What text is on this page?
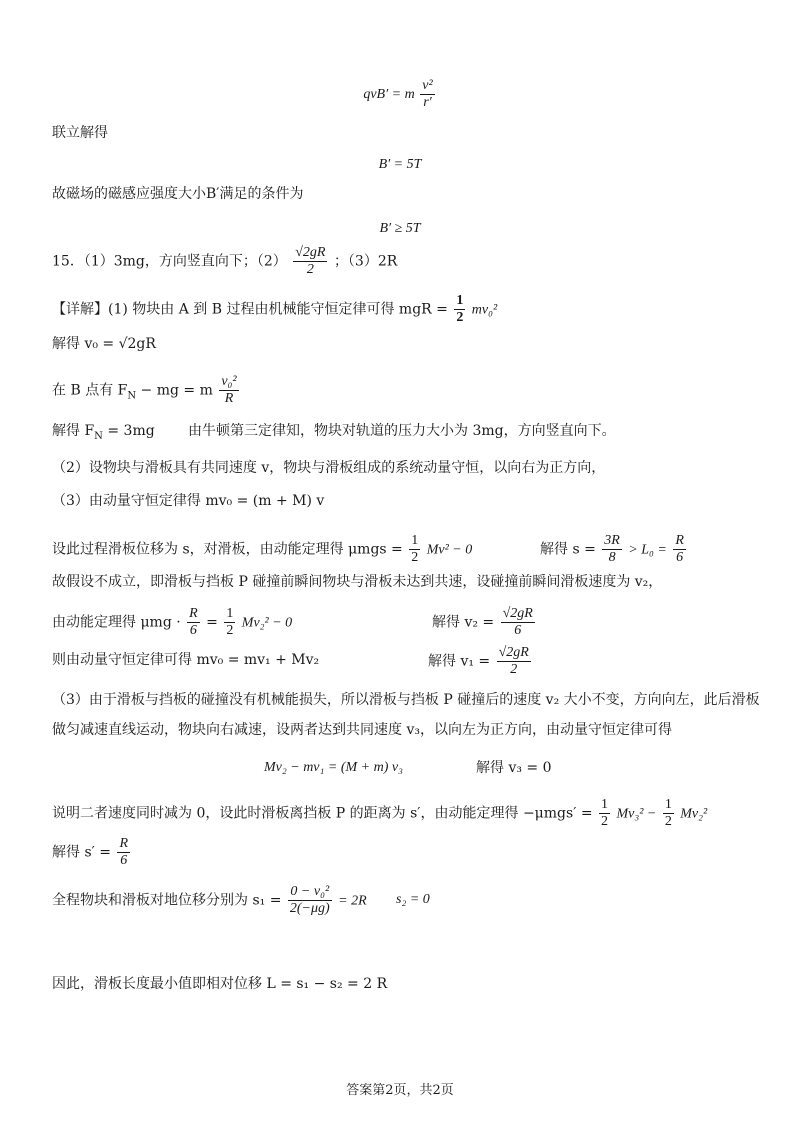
qvB′ = m $\frac{\text{v²}}{r'}$
联立解得
B′ = 5T
故磁场的磁感应强度大小B′满足的条件为
B′ ≥ 5T
15．（1）3mg，方向竖直向下；$(2) \frac{√2gR}{2}$ ；（3）2R
【详解】(1) 物块由 A 到 B 过程由机械能守恒定律可得 mgR = $\frac{1}{2} mv_0^2$
解得 v₀ = √2gR
在 B 点有 $F_N$ − mg = m $\frac{\text{v₀²}}{R}$
解得 $F_N = 3mg$ 由牛顿第三定律知，物块对轨道的压力大小为 3mg，方向竖直向下。
（2）设物块与滑板具有共同速度 v，物块与滑板组成的系统动量守恒，以向右为正方向，
（3）由动量守恒定律得 mv₀ = (m + M) v
设此过程滑板位移为 s，对滑板，由动能定理得 $\mu mgs = \frac{1}{2} Mv^2 - 0$	解得 $s = \frac{3R}{8} > L_0 = \frac{R}{6}$
故假设不成立，即滑板与挡板 P 碰撞前瞬间物块与滑板未达到共速，设碰撞前瞬间滑板速度为 v₂，
由动能定理得 $\mu mg \cdot \frac{R}{6} = \frac{1}{2} Mv_2^2 - 0$	解得 $v_2 = \frac{√2gR}{6}$
则由动量守恒定律可得 mv₀ = mv₁ + Mv₂	解得 $v_1 = \frac{√2gR}{2}$
（3）由于滑板与挡板的碰撞没有机械能损失，所以滑板与挡板 P 碰撞后的速度 v₂ 大小不变，方向向左，此后滑板
做匀减速直线运动，物块向右减速，设两者达到共同速度 v₃，以向左为正方向，由动量守恒定律可得
Mv₂ − mv₁ = (M + m) v₃	解得 v₃ = 0
说明二者速度同时减为 0，设此时滑板离挡板 P 的距离为 s′，由动能定理得 $-\mu mgs' = \frac{1}{2} Mv_3^2 - \frac{1}{2} Mv_2^2$
解得 $s' = \frac{R}{6}$
全程物块和滑板对地位移分别为 $s_1 = \frac{\text{0 − v₀²}}{2(-\mu g)} = 2R$ s₂ = 0
因此，滑板长度最小值即相对位移 L = s₁ − s₂ = 2 R
答案第2页，共2页
